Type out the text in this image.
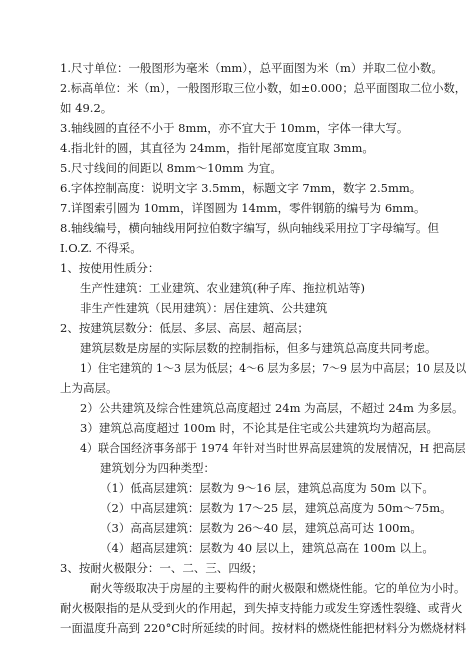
1.尺寸单位：一般图形为毫米（mm），总平面图为米（m）并取二位小数。
2.标高单位：米（m），一般图形取三位小数，如±0.000；总平面图取二位小数，
如 49.2。
3.轴线圆的直径不小于 8mm，亦不宜大于 10mm，字体一律大写。
4.指北针的圆，其直径为 24mm，指针尾部宽度宜取 3mm。
5.尺寸线间的间距以 8mm～10mm 为宜。
6.字体控制高度：说明文字 3.5mm，标题文字 7mm，数字 2.5mm。
7.详图索引圆为 10mm，详图圆为 14mm，零件钢筋的编号为 6mm。
8.轴线编号，横向轴线用阿拉伯数字编写，纵向轴线采用拉丁字母编写。但
I.O.Z. 不得采。
1、按使用性质分：
生产性建筑：工业建筑、农业建筑(种子库、拖拉机站等)
非生产性建筑（民用建筑）：居住建筑、公共建筑
2、按建筑层数分：低层、多层、高层、超高层；
建筑层数是房屋的实际层数的控制指标，但多与建筑总高度共同考虑。
1）住宅建筑的 1～3 层为低层；4～6 层为多层；7～9 层为中高层；10 层及以
上为高层。
2）公共建筑及综合性建筑总高度超过 24m 为高层，不超过 24m 为多层。
3）建筑总高度超过 100m 时，不论其是住宅或公共建筑均为超高层。
4）联合国经济事务部于 1974 年针对当时世界高层建筑的发展情况，H 把高层
建筑划分为四种类型：
（1）低高层建筑：层数为 9～16 层，建筑总高度为 50m 以下。
（2）中高层建筑：层数为 17～25 层，建筑总高度为 50m～75m。
（3）高高层建筑：层数为 26～40 层，建筑总高可达 100m。
（4）超高层建筑：层数为 40 层以上，建筑总高在 100m 以上。
3、按耐火极限分：一、二、三、四级；
耐火等级取决于房屋的主要构件的耐火极限和燃烧性能。它的单位为小时。
耐火极限指的是从受到火的作用起，到失掉支持能力或发生穿透性裂缝、或背火
一面温度升高到 220°C时所延续的时间。按材料的燃烧性能把材料分为燃烧材料
